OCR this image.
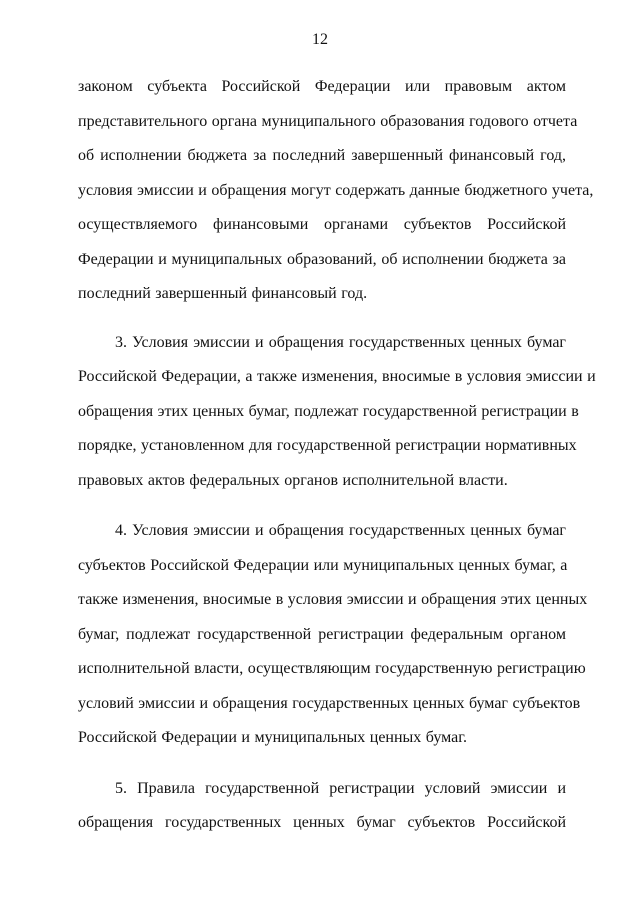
12
законом субъекта Российской Федерации или правовым актом
представительного органа муниципального образования годового отчета
об исполнении бюджета за последний завершенный финансовый год,
условия эмиссии и обращения могут содержать данные бюджетного учета,
осуществляемого финансовыми органами субъектов Российской
Федерации и муниципальных образований, об исполнении бюджета за
последний завершенный финансовый год.
3. Условия эмиссии и обращения государственных ценных бумаг
Российской Федерации, а также изменения, вносимые в условия эмиссии и
обращения этих ценных бумаг, подлежат государственной регистрации в
порядке, установленном для государственной регистрации нормативных
правовых актов федеральных органов исполнительной власти.
4. Условия эмиссии и обращения государственных ценных бумаг
субъектов Российской Федерации или муниципальных ценных бумаг, а
также изменения, вносимые в условия эмиссии и обращения этих ценных
бумаг, подлежат государственной регистрации федеральным органом
исполнительной власти, осуществляющим государственную регистрацию
условий эмиссии и обращения государственных ценных бумаг субъектов
Российской Федерации и муниципальных ценных бумаг.
5. Правила государственной регистрации условий эмиссии и
обращения государственных ценных бумаг субъектов Российской
